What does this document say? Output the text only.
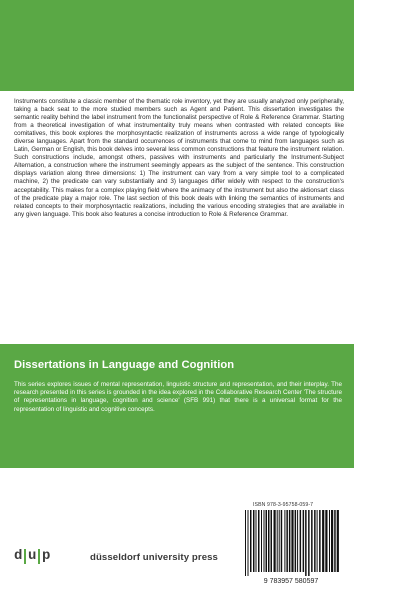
Instruments constitute a classic member of the thematic role inventory, yet they are usually analyzed only peripherally, taking a back seat to the more studied members such as Agent and Patient. This dissertation investigates the semantic reality behind the label instrument from the functionalist perspective of Role & Reference Grammar. Starting from a theoretical investigation of what instrumentality truly means when contrasted with related concepts like comitatives, this book explores the morphosyntactic realization of instruments across a wide range of typologically diverse languages. Apart from the standard occurrences of instruments that come to mind from languages such as Latin, German or English, this book delves into several less common constructions that feature the instrument relation. Such constructions include, amongst others, passives with instruments and particularly the Instrument-Subject Alternation, a construction where the instrument seemingly appears as the subject of the sentence. This construction displays variation along three dimensions: 1) The instrument can vary from a very simple tool to a complicated machine, 2) the predicate can vary substantially and 3) languages differ widely with respect to the construction's acceptability. This makes for a complex playing field where the animacy of the instrument but also the aktionsart class of the predicate play a major role. The last section of this book deals with linking the semantics of instruments and related concepts to their morphosyntactic realizations, including the various encoding strategies that are available in any given language. This book also features a concise introduction to Role & Reference Grammar.

Dissertations in Language and Cognition

This series explores issues of mental representation, linguistic structure and representation, and their interplay. The research presented in this series is grounded in the idea explored in the Collaborative Research Center 'The structure of representations in language, cognition and science' (SFB 991) that there is a universal format for the representation of linguistic and cognitive concepts.

d u p	düsseldorf university press
ISBN 978-3-95758-059-7
9 783957 580597
